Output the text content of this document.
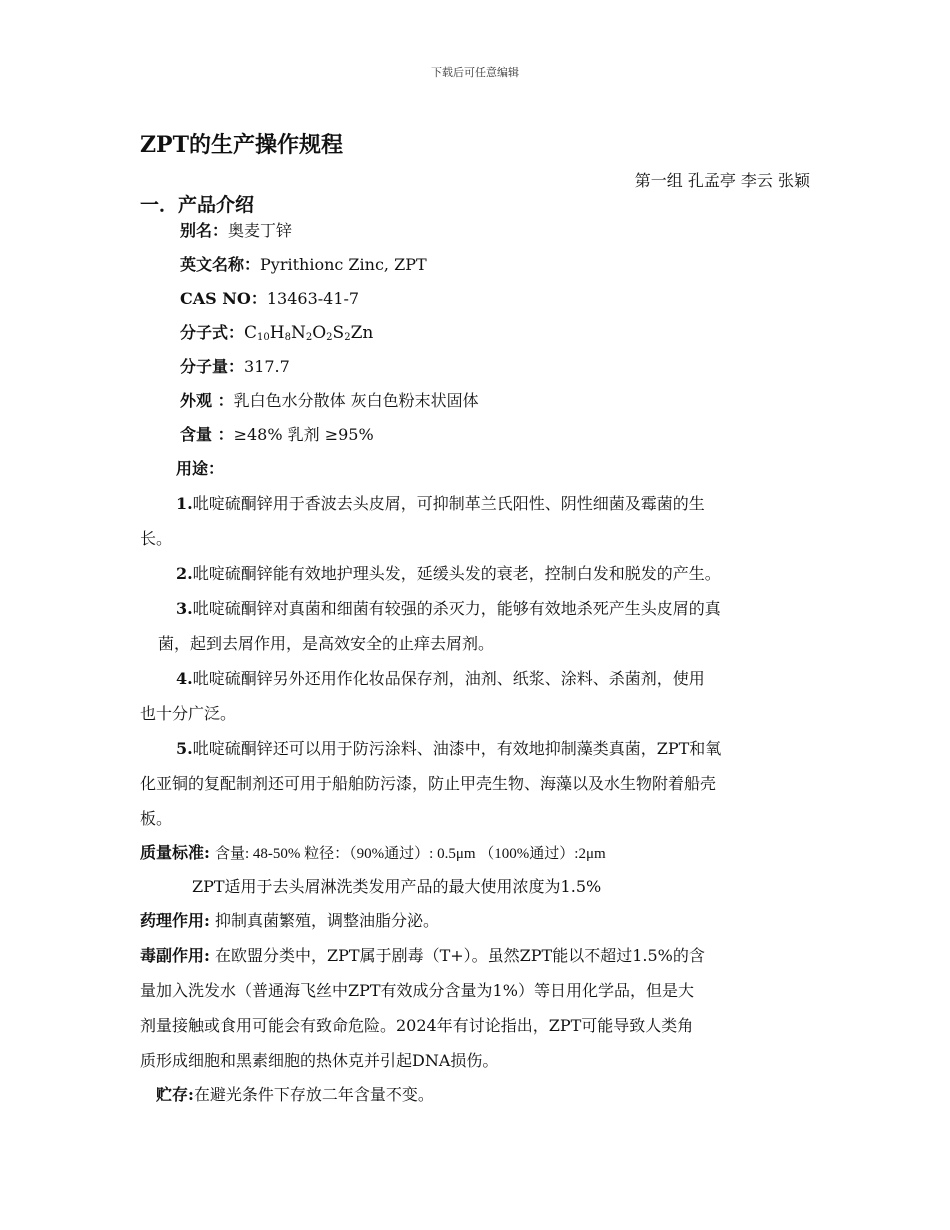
下载后可任意编辑
ZPT的生产操作规程
第一组 孔孟亭 李云 张颖
一．产品介绍
别名：奥麦丁锌
英文名称：Pyrithionc Zinc, ZPT
CAS NO：13463-41-7
分子式：$C_{10}H_8N_2O_2S_2Zn$
分子量：317.7
外观 ：乳白色水分散体 灰白色粉末状固体
含量 ：≥48% 乳剂 ≥95%
用途：
1.吡啶硫酮锌用于香波去头皮屑，可抑制革兰氏阳性、阴性细菌及霉菌的生
长。
2.吡啶硫酮锌能有效地护理头发，延缓头发的衰老，控制白发和脱发的产生。
3.吡啶硫酮锌对真菌和细菌有较强的杀灭力，能够有效地杀死产生头皮屑的真
菌，起到去屑作用，是高效安全的止痒去屑剂。
4.吡啶硫酮锌另外还用作化妆品保存剂，油剂、纸浆、涂料、杀菌剂，使用
也十分广泛。
5.吡啶硫酮锌还可以用于防污涂料、油漆中，有效地抑制藻类真菌，ZPT和氧
化亚铜的复配制剂还可用于船舶防污漆，防止甲壳生物、海藻以及水生物附着船壳
板。
质量标准: 含量: 48-50% 粒径：（90%通过）: 0.5μm （100%通过）:2μm
ZPT适用于去头屑淋洗类发用产品的最大使用浓度为1.5%
药理作用: 抑制真菌繁殖，调整油脂分泌。
毒副作用: 在欧盟分类中，ZPT属于剧毒（T+）。虽然ZPT能以不超过1.5%的含
量加入洗发水（普通海飞丝中ZPT有效成分含量为1%）等日用化学品，但是大
剂量接触或食用可能会有致命危险。2024年有讨论指出，ZPT可能导致人类角
质形成细胞和黑素细胞的热休克并引起DNA损伤。
贮存:在避光条件下存放二年含量不变。
